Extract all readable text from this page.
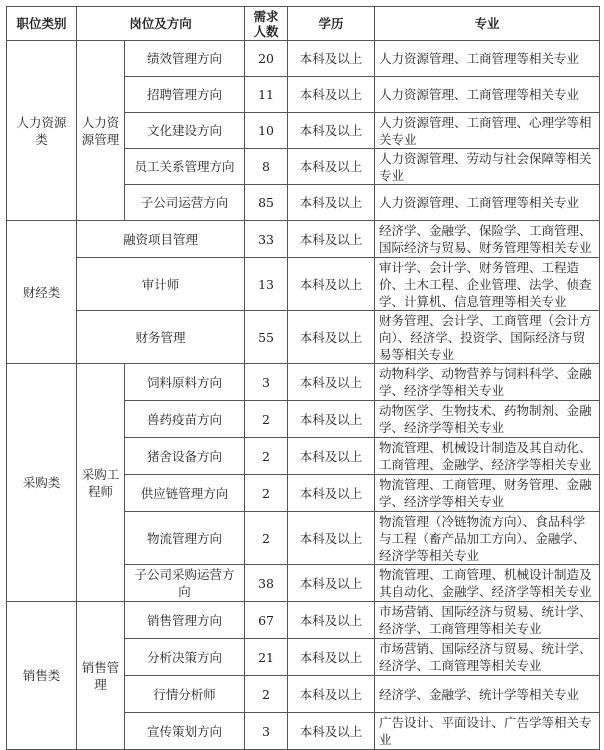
职位类别	岗位及方向		需求人数	学历	专业
人力资源类	人力资源管理	绩效管理方向	20	本科及以上	人力资源管理、工商管理等相关专业
		招聘管理方向	11	本科及以上	人力资源管理、工商管理等相关专业
		文化建设方向	10	本科及以上	人力资源管理、工商管理、心理学等相关专业
		员工关系管理方向	8	本科及以上	人力资源管理、劳动与社会保障等相关专业
		子公司运营方向	85	本科及以上	人力资源管理、工商管理等相关专业
财经类	融资项目管理		33	本科及以上	经济学、金融学、保险学、工商管理、国际经济与贸易、财务管理等相关专业
	审计师		13	本科及以上	审计学、会计学、财务管理、工程造价、土木工程、企业管理、法学、侦查学、计算机、信息管理等相关专业
	财务管理		55	本科及以上	财务管理、会计学、工商管理（会计方向）、经济学、投资学、国际经济与贸易等相关专业
采购类	采购工程师	饲料原料方向	3	本科及以上	动物科学、动物营养与饲料科学、金融学、经济学等相关专业
		兽药疫苗方向	2	本科及以上	动物医学、生物技术、药物制剂、金融学、经济学等相关专业
		猪舍设备方向	2	本科及以上	物流管理、机械设计制造及其自动化、工商管理、金融学、经济学等相关专业
		供应链管理方向	2	本科及以上	物流管理、工商管理、财务管理、金融学、经济学等相关专业
		物流管理方向	2	本科及以上	物流管理（冷链物流方向）、食品科学与工程（畜产品加工方向）、金融学、经济学等相关专业
		子公司采购运营方向	38	本科及以上	物流管理、工商管理、机械设计制造及其自动化、金融学、经济学等相关专业
销售类	销售管理	销售管理方向	67	本科及以上	市场营销、国际经济与贸易、统计学、经济学、工商管理等相关专业
		分析决策方向	21	本科及以上	市场营销、国际经济与贸易、统计学、经济学、工商管理等相关专业
		行情分析师	2	本科及以上	经济学、金融学、统计学等相关专业
		宣传策划方向	3	本科及以上	广告设计、平面设计、广告学等相关专业
